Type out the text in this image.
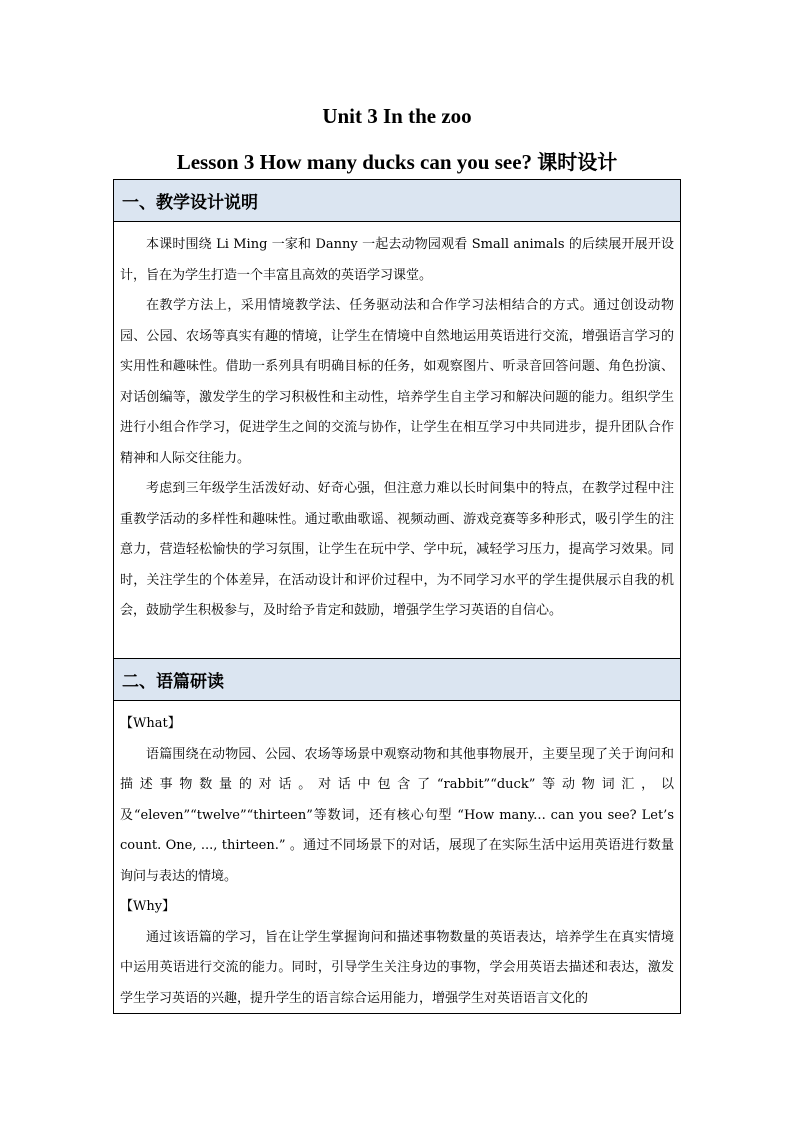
Unit 3 In the zoo
Lesson 3 How many ducks can you see? 课时设计
一、教学设计说明

本课时围绕 Li Ming 一家和 Danny 一起去动物园观看 Small animals 的后续展开展开设计，旨在为学生打造一个丰富且高效的英语学习课堂。

在教学方法上，采用情境教学法、任务驱动法和合作学习法相结合的方式。通过创设动物园、公园、农场等真实有趣的情境，让学生在情境中自然地运用英语进行交流，增强语言学习的实用性和趣味性。借助一系列具有明确目标的任务，如观察图片、听录音回答问题、角色扮演、对话创编等，激发学生的学习积极性和主动性，培养学生自主学习和解决问题的能力。组织学生进行小组合作学习，促进学生之间的交流与协作，让学生在相互学习中共同进步，提升团队合作精神和人际交往能力。

考虑到三年级学生活泼好动、好奇心强，但注意力难以长时间集中的特点，在教学过程中注重教学活动的多样性和趣味性。通过歌曲歌谣、视频动画、游戏竞赛等多种形式，吸引学生的注意力，营造轻松愉快的学习氛围，让学生在玩中学、学中玩，减轻学习压力，提高学习效果。同时，关注学生的个体差异，在活动设计和评价过程中，为不同学习水平的学生提供展示自我的机会，鼓励学生积极参与，及时给予肯定和鼓励，增强学生学习英语的自信心。

二、语篇研读

【What】

语篇围绕在动物园、公园、农场等场景中观察动物和其他事物展开，主要呈现了关于询问和描述事物数量的对话。对话中包含了“rabbit”“duck”等动物词汇，以及“eleven”“twelve”“thirteen”等数词，还有核心句型 “How many... can you see? Let’s count. One, ..., thirteen.” 。通过不同场景下的对话，展现了在实际生活中运用英语进行数量询问与表达的情境。

【Why】

通过该语篇的学习，旨在让学生掌握询问和描述事物数量的英语表达，培养学生在真实情境中运用英语进行交流的能力。同时，引导学生关注身边的事物，学会用英语去描述和表达，激发学生学习英语的兴趣，提升学生的语言综合运用能力，增强学生对英语语言文化的
